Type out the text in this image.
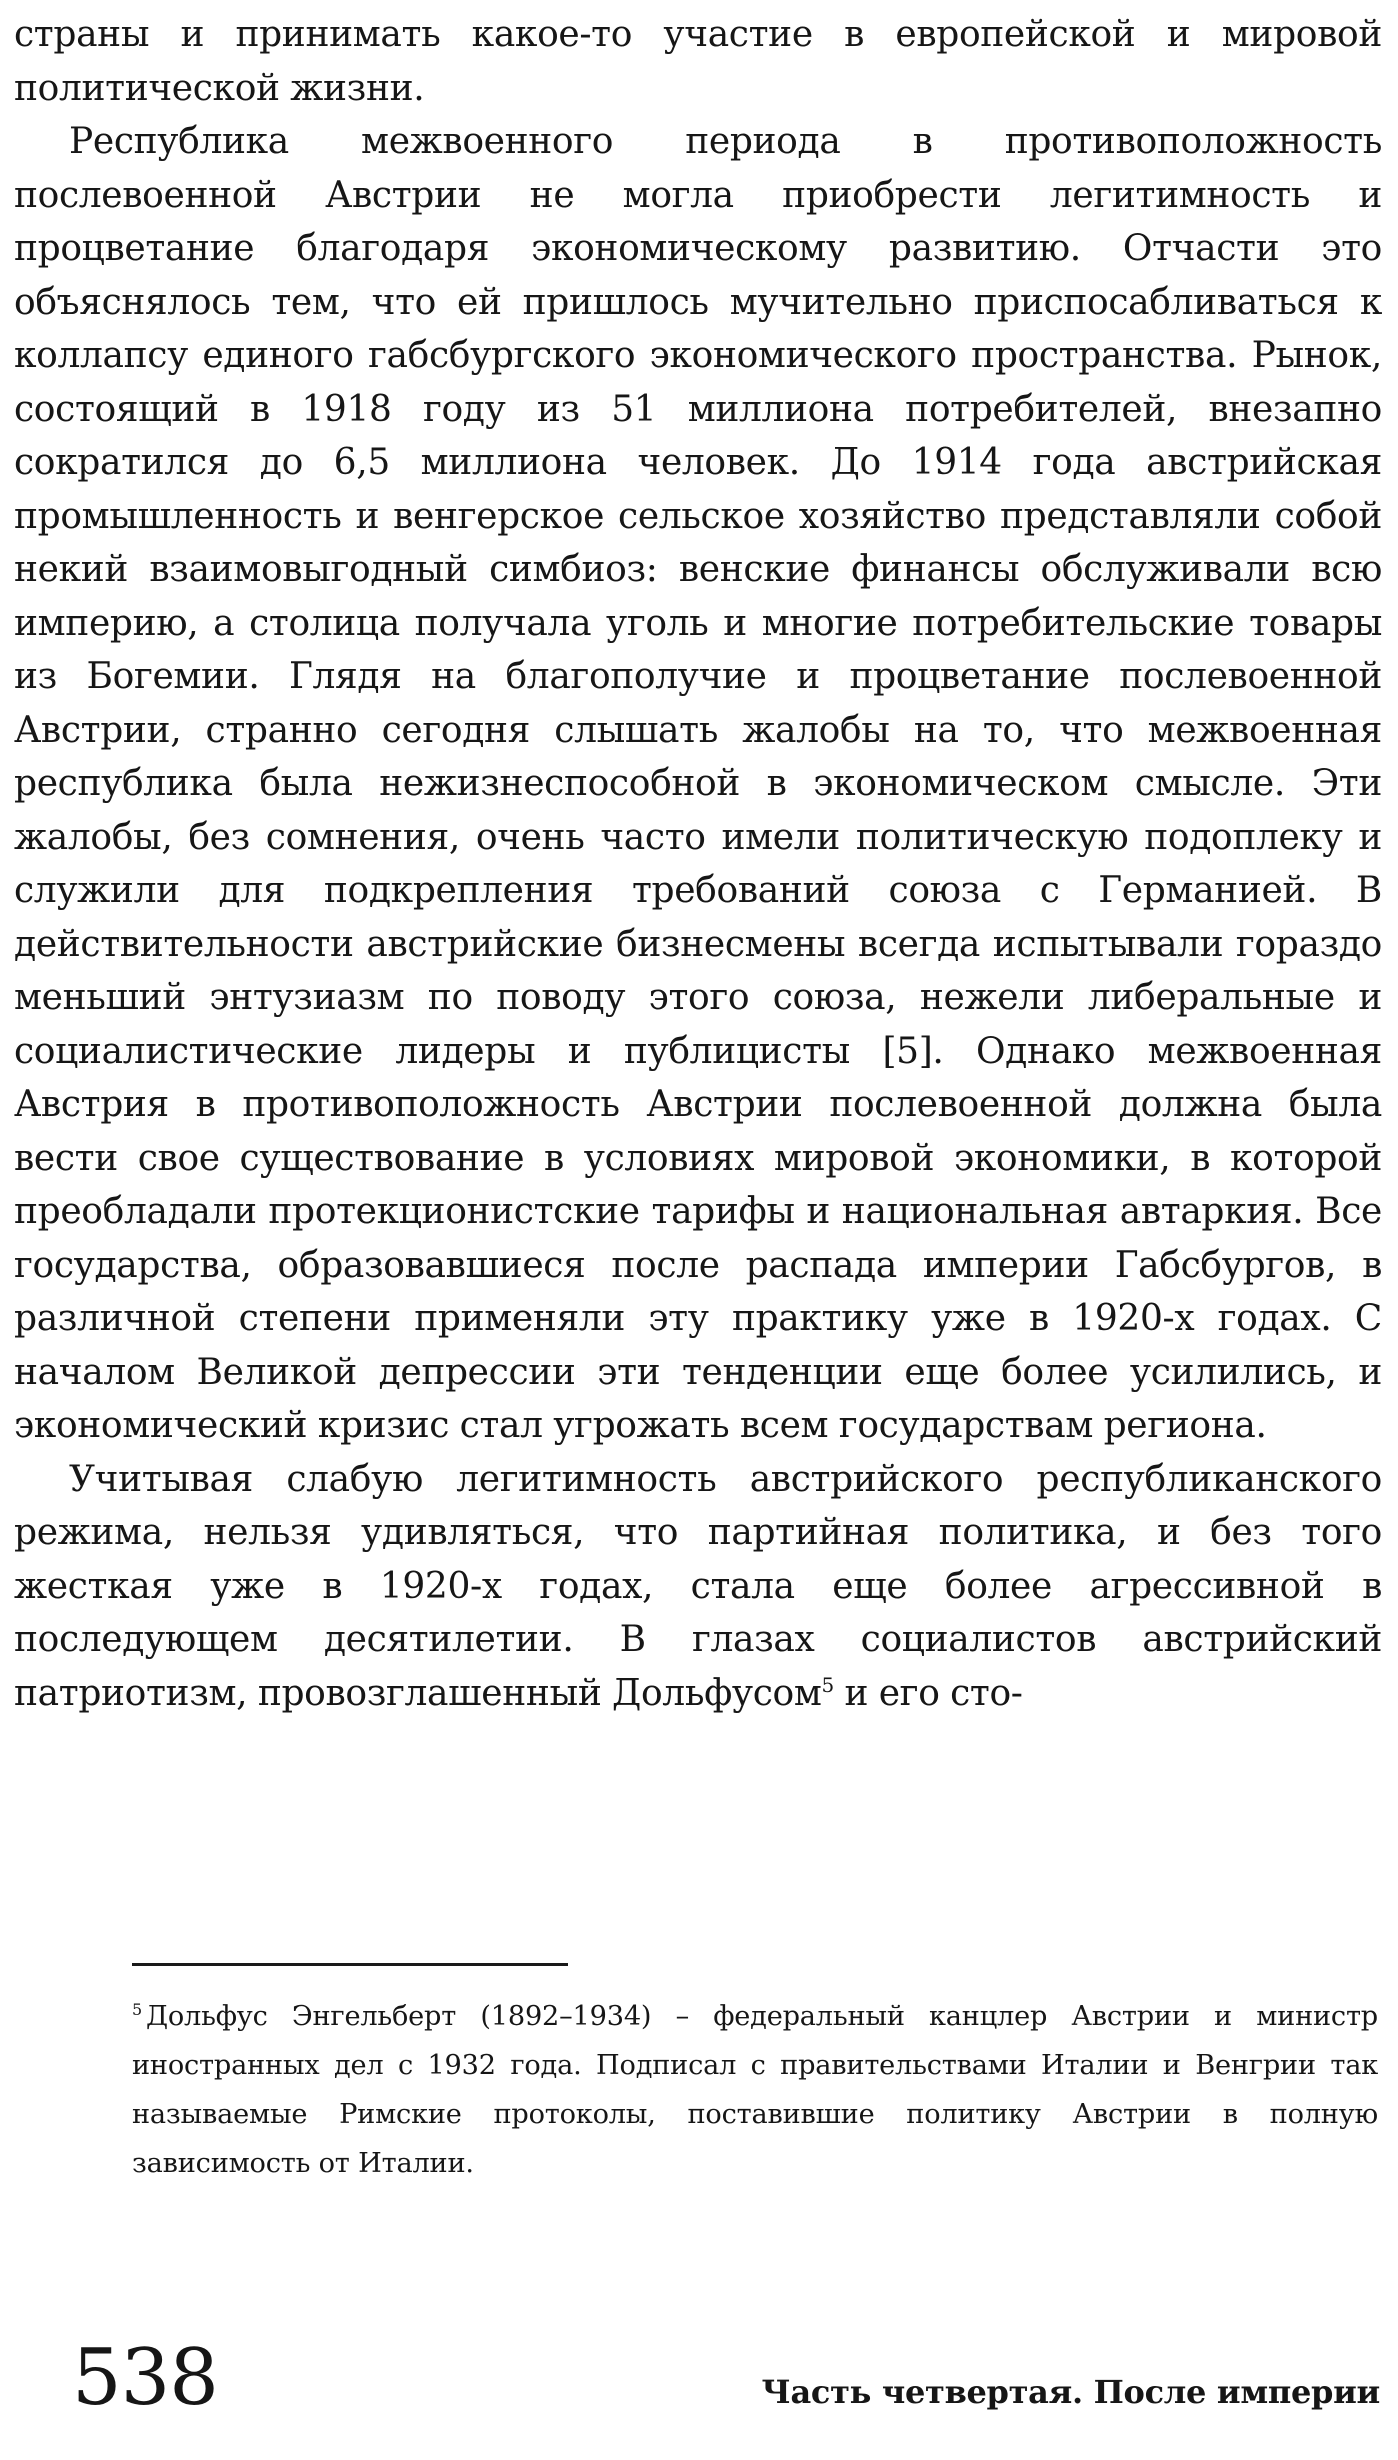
страны и принимать какое-то участие в европейской и мировой политической жизни.

Республика межвоенного периода в противоположность послевоенной Австрии не могла приобрести легитимность и процветание благодаря экономическому развитию. Отчасти это объяснялось тем, что ей пришлось мучительно приспосабливаться к коллапсу единого габсбургского экономического пространства. Рынок, состоящий в 1918 году из 51 миллиона потребителей, внезапно сократился до 6,5 миллиона человек. До 1914 года австрийская промышленность и венгерское сельское хозяйство представляли собой некий взаимовыгодный симбиоз: венские финансы обслуживали всю империю, а столица получала уголь и многие потребительские товары из Богемии. Глядя на благополучие и процветание послевоенной Австрии, странно сегодня слышать жалобы на то, что межвоенная республика была нежизнеспособной в экономическом смысле. Эти жалобы, без сомнения, очень часто имели политическую подоплеку и служили для подкрепления требований союза с Германией. В действительности австрийские бизнесмены всегда испытывали гораздо меньший энтузиазм по поводу этого союза, нежели либеральные и социалистические лидеры и публицисты [5]. Однако межвоенная Австрия в противоположность Австрии послевоенной должна была вести свое существование в условиях мировой экономики, в которой преобладали протекционистские тарифы и национальная автаркия. Все государства, образовавшиеся после распада империи Габсбургов, в различной степени применяли эту практику уже в 1920-х годах. С началом Великой депрессии эти тенденции еще более усилились, и экономический кризис стал угрожать всем государствам региона.

Учитывая слабую легитимность австрийского республиканского режима, нельзя удивляться, что партийная политика, и без того жесткая уже в 1920-х годах, стала еще более агрессивной в последующем десятилетии. В глазах социалистов австрийский патриотизм, провозглашенный Дольфусом$^5$ и его сто-

$^5$ Дольфус Энгельберт (1892–1934) – федеральный канцлер Австрии и министр иностранных дел с 1932 года. Подписал с правительствами Италии и Венгрии так называемые Римские протоколы, поставившие политику Австрии в полную зависимость от Италии.

538	Часть четвертая. После империи
